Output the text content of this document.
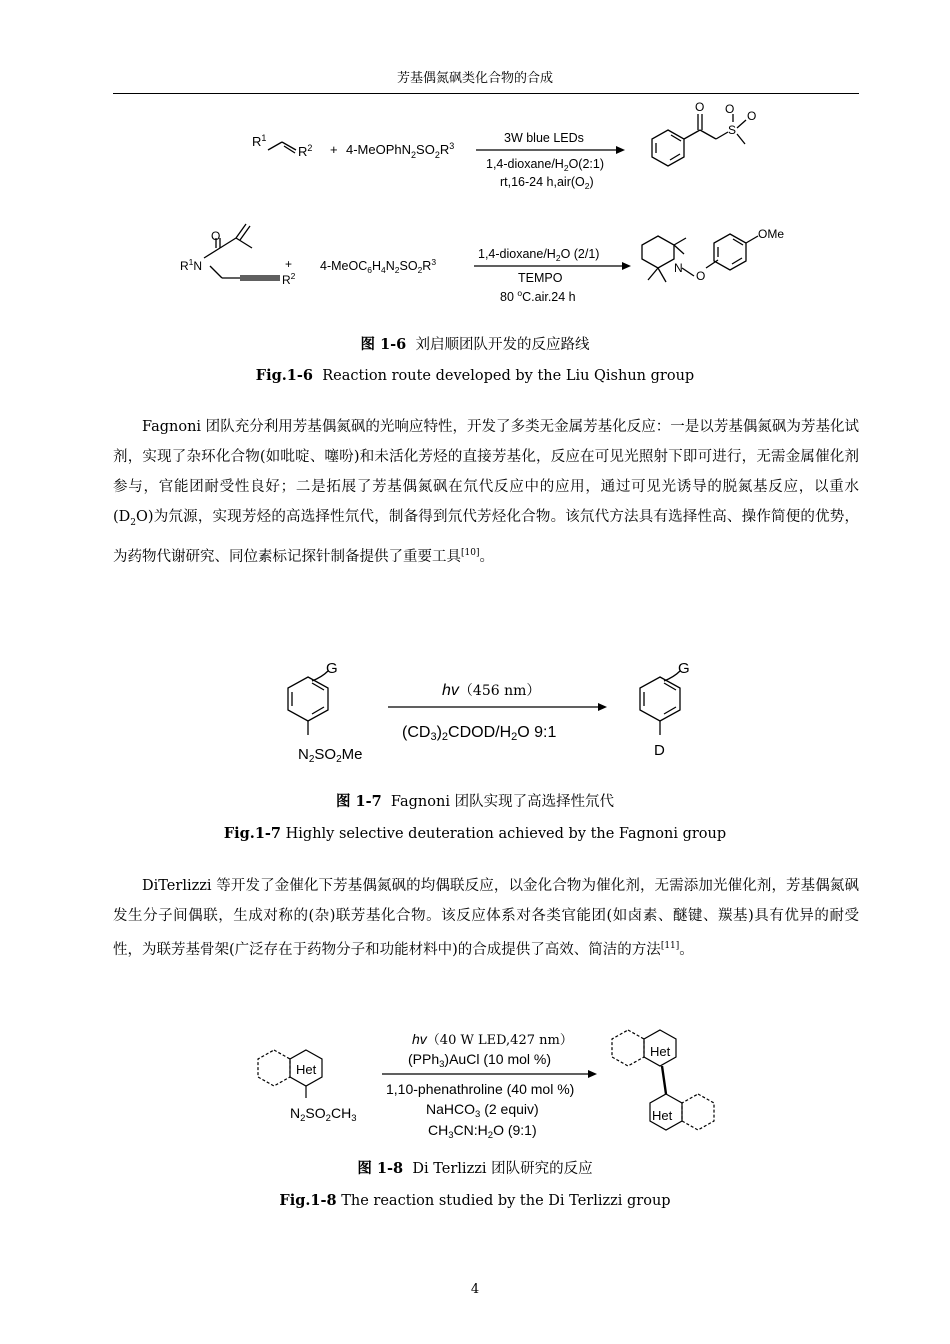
芳基偶氮砜类化合物的合成
$R^1$
$R^2$ + $4-MeOPhN_2SO_2R^3$
3W blue LEDs
$1,4-dioxane/H_2O(2:1)$
rt,16-24 $h,air(O_2)$
O
S
O O
O
$R^1N$
$R^2$
+ $4-MeOC_6H_4N_2SO_2R^3$
$1,4-dioxane/H_2O$ (2/1)
TEMPO
80 $^o$C.air.24 h
N
O
OMe
图 1-6 刘启顺团队开发的反应路线
Fig.1-6 Reaction route developed by the Liu Qishun group
Fagnoni 团队充分利用芳基偶氮砜的光响应特性，开发了多类无金属芳基化反应：一是以芳基偶氮砜为芳基化试剂，实现了杂环化合物(如吡啶、噻吩)和未活化芳烃的直接芳基化，反应在可见光照射下即可进行，无需金属催化剂参与，官能团耐受性良好；二是拓展了芳基偶氮砜在氘代反应中的应用，通过可见光诱导的脱氮基反应，以重水$(D_2O)$为氘源，实现芳烃的高选择性氘代，制备得到氘代芳烃化合物。该氘代方法具有选择性高、操作简便的优势，为药物代谢研究、同位素标记探针制备提供了重要工具[10]。
G
$N_2SO_2Me$
hv（456 nm）
(CD3)2CDOD/H2O 9:1
G
D
图 1-7 Fagnoni 团队实现了高选择性氘代
Fig.1-7 Highly selective deuteration achieved by the Fagnoni group
DiTerlizzi 等开发了金催化下芳基偶氮砜的均偶联反应，以金化合物为催化剂，无需添加光催化剂，芳基偶氮砜发生分子间偶联，生成对称的(杂)联芳基化合物。该反应体系对各类官能团(如卤素、醚键、羰基)具有优异的耐受性，为联芳基骨架(广泛存在于药物分子和功能材料中)的合成提供了高效、简洁的方法[11]。
Het
$N_2SO_2CH_3$
hv（40 W LED,427 nm）
(PPh$_3$)AuCl (10 mol %)
1,10-phenathroline (40 mol %)
NaHCO$_3$ (2 equiv)
$CH_3CN:H_2O$ (9:1)
Het
Het
图 1-8 Di Terlizzi 团队研究的反应
Fig.1-8 The reaction studied by the Di Terlizzi group
4
